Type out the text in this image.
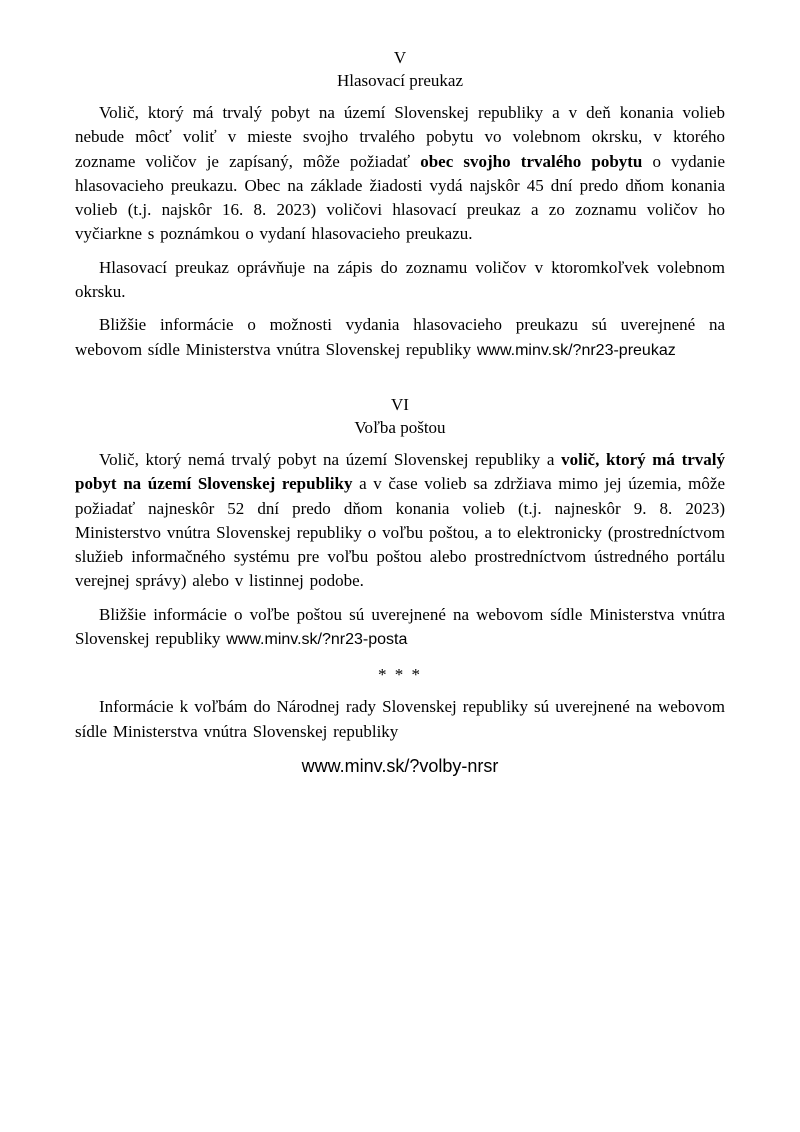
V
Hlasovací preukaz

Volič, ktorý má trvalý pobyt na území Slovenskej republiky a v deň konania volieb nebude môcť voliť v mieste svojho trvalého pobytu vo volebnom okrsku, v ktorého zozname voličov je zapísaný, môže požiadať obec svojho trvalého pobytu o vydanie hlasovacieho preukazu. Obec na základe žiadosti vydá najskôr 45 dní predo dňom konania volieb (t.j. najskôr 16. 8. 2023) voličovi hlasovací preukaz a zo zoznamu voličov ho vyčiarkne s poznámkou o vydaní hlasovacieho preukazu.

Hlasovací preukaz oprávňuje na zápis do zoznamu voličov v ktoromkoľvek volebnom okrsku.

Bližšie informácie o možnosti vydania hlasovacieho preukazu sú uverejnené na webovom sídle Ministerstva vnútra Slovenskej republiky www.minv.sk/?nr23-preukaz

VI
Voľba poštou

Volič, ktorý nemá trvalý pobyt na území Slovenskej republiky a volič, ktorý má trvalý pobyt na území Slovenskej republiky a v čase volieb sa zdržiava mimo jej územia, môže požiadať najneskôr 52 dní predo dňom konania volieb (t.j. najneskôr 9. 8. 2023) Ministerstvo vnútra Slovenskej republiky o voľbu poštou, a to elektronicky (prostredníctvom služieb informačného systému pre voľbu poštou alebo prostredníctvom ústredného portálu verejnej správy) alebo v listinnej podobe.

Bližšie informácie o voľbe poštou sú uverejnené na webovom sídle Ministerstva vnútra Slovenskej republiky www.minv.sk/?nr23-posta

* * *

Informácie k voľbám do Národnej rady Slovenskej republiky sú uverejnené na webovom sídle Ministerstva vnútra Slovenskej republiky

www.minv.sk/?volby-nrsr
